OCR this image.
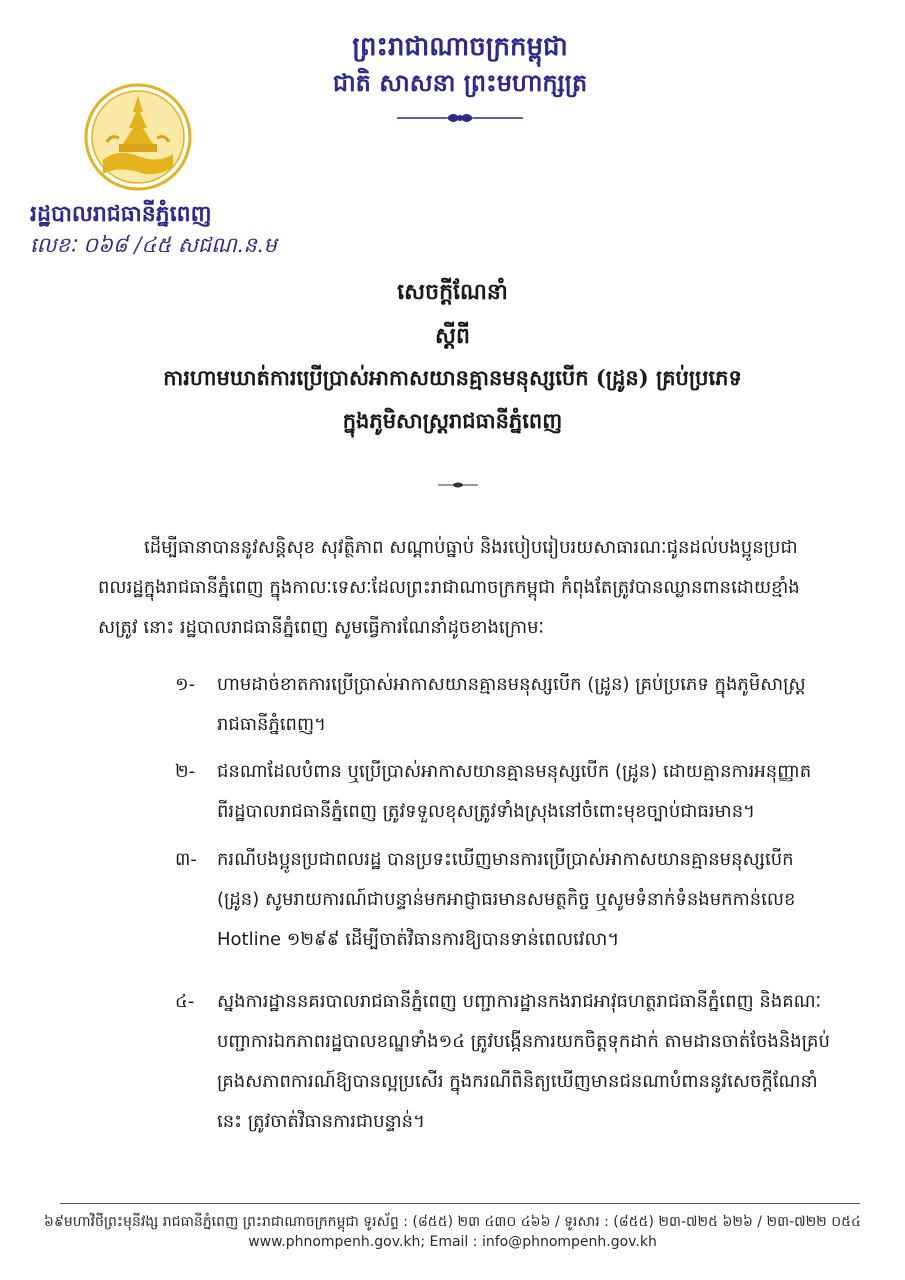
ព្រះរាជាណាចក្រកម្ពុជា
ជាតិ សាសនា ព្រះមហាក្សត្រ
រដ្ឋបាលរាជធានីភ្នំពេញ
លេខៈ ០៦៨ /៤៥ សជណ.ន.ម
សេចក្តីណែនាំ
ស្តីពី
ការហាមឃាត់ការប្រើប្រាស់អាកាសយានគ្មានមនុស្សបើក (ដ្រូន) គ្រប់ប្រភេទ
ក្នុងភូមិសាស្ត្ររាជធានីភ្នំពេញ
ដើម្បីធានាបាននូវសន្តិសុខ សុវត្ថិភាព សណ្តាប់ធ្នាប់ និងរបៀបរៀបរយសាធារណៈជូនដល់បងប្អូនប្រជាពលរដ្ឋក្នុងរាជធានីភ្នំពេញ ក្នុងកាលៈទេសៈដែលព្រះរាជាណាចក្រកម្ពុជា កំពុងតែត្រូវបានឈ្លានពានដោយខ្មាំងសត្រូវ នោះ រដ្ឋបាលរាជធានីភ្នំពេញ សូមធ្វើការណែនាំដូចខាងក្រោមៈ
១-	ហាមដាច់ខាតការប្រើប្រាស់អាកាសយានគ្មានមនុស្សបើក (ដ្រូន) គ្រប់ប្រភេទ ក្នុងភូមិសាស្ត្ររាជធានីភ្នំពេញ។
២-	ជនណាដែលបំពាន ឬប្រើប្រាស់អាកាសយានគ្មានមនុស្សបើក (ដ្រូន) ដោយគ្មានការអនុញ្ញាតពីរដ្ឋបាលរាជធានីភ្នំពេញ ត្រូវទទួលខុសត្រូវទាំងស្រុងនៅចំពោះមុខច្បាប់ជាធរមាន។
៣-	ករណីបងប្អូនប្រជាពលរដ្ឋ បានប្រទះឃើញមានការប្រើប្រាស់អាកាសយានគ្មានមនុស្សបើក (ដ្រូន) សូមរាយការណ៍ជាបន្ទាន់មកអាជ្ញាធរមានសមត្ថកិច្ច ឬសូមទំនាក់ទំនងមកកាន់លេខ Hotline ១២៩៩ ដើម្បីចាត់វិធានការឱ្យបានទាន់ពេលវេលា។
៤-	ស្នងការដ្ឋាននគរបាលរាជធានីភ្នំពេញ បញ្ជាការដ្ឋានកងរាជអាវុធហត្ថរាជធានីភ្នំពេញ និងគណៈបញ្ជាការឯកភាពរដ្ឋបាលខណ្ឌទាំង១៤ ត្រូវបង្កើនការយកចិត្តទុកដាក់ តាមដានចាត់ចែងនិងគ្រប់គ្រងសភាពការណ៍ឱ្យបានល្អប្រសើរ ក្នុងករណីពិនិត្យឃើញមានជនណាបំពាននូវសេចក្តីណែនាំនេះ ត្រូវចាត់វិធានការជាបន្ទាន់។
៦៩មហាវិថីព្រះមុនីវង្ស រាជធានីភ្នំពេញ ព្រះរាជាណាចក្រកម្ពុជា ទូរស័ព្ទ : (៨៥៥) ២៣ ៤៣០ ៤៦៦ / ទូរសារ : (៨៥៥) ២៣-៧២៥ ៦២៦ / ២៣-៧២២ ០៥៤
www.phnompenh.gov.kh; Email : info@phnompenh.gov.kh
